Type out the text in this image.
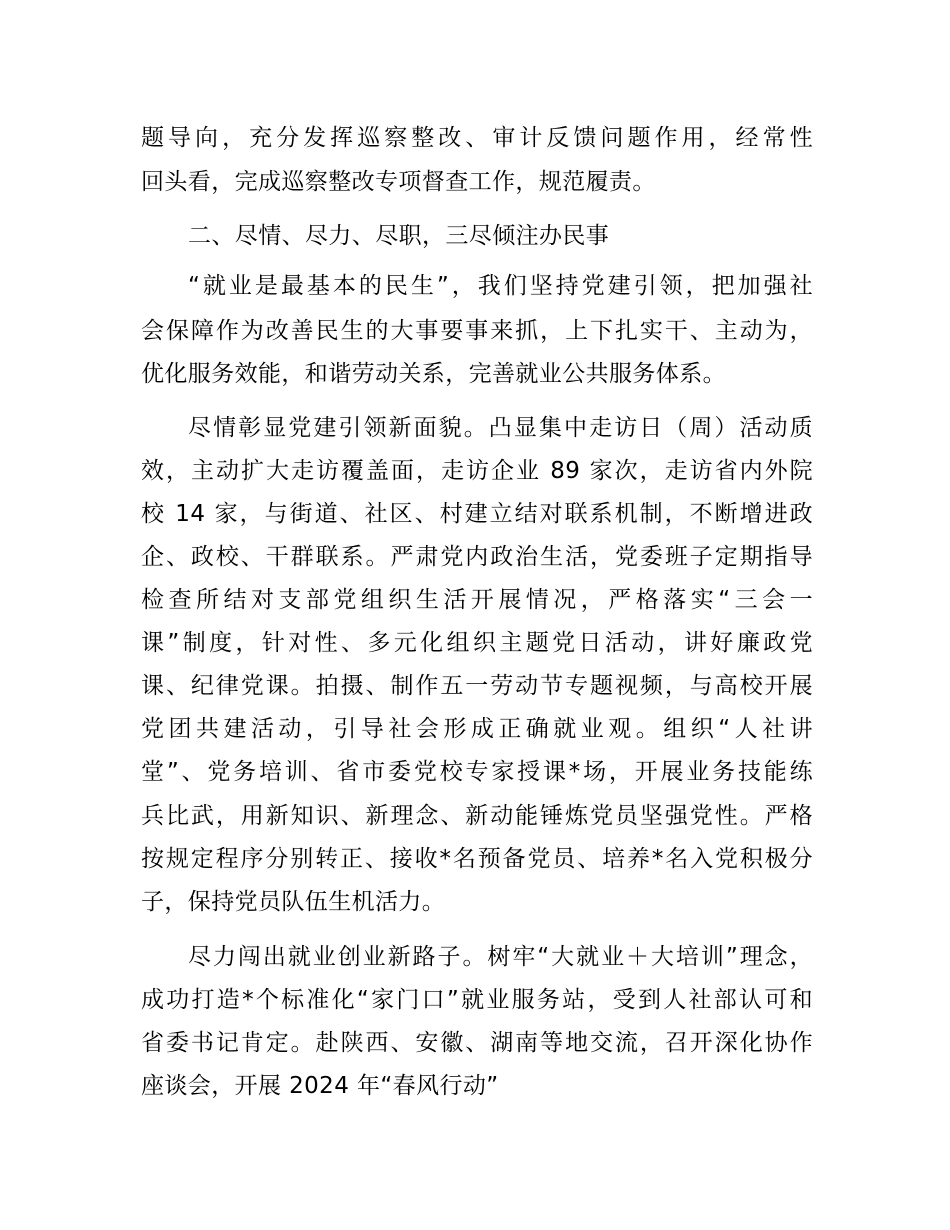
题导向，充分发挥巡察整改、审计反馈问题作用，经常性

回头看，完成巡察整改专项督查工作，规范履责。

二、尽情、尽力、尽职，三尽倾注办民事

“就业是最基本的民生”，我们坚持党建引领，把加强社

会保障作为改善民生的大事要事来抓，上下扎实干、主动为，

优化服务效能，和谐劳动关系，完善就业公共服务体系。

尽情彰显党建引领新面貌。凸显集中走访日（周）活动质

效，主动扩大走访覆盖面，走访企业 89 家次，走访省内外院

校 14 家，与街道、社区、村建立结对联系机制，不断增进政

企、政校、干群联系。严肃党内政治生活，党委班子定期指导

检查所结对支部党组织生活开展情况，严格落实“三会一

课”制度，针对性、多元化组织主题党日活动，讲好廉政党

课、纪律党课。拍摄、制作五一劳动节专题视频，与高校开展

党团共建活动，引导社会形成正确就业观。组织“人社讲

堂”、党务培训、省市委党校专家授课*场，开展业务技能练

兵比武，用新知识、新理念、新动能锤炼党员坚强党性。严格

按规定程序分别转正、接收*名预备党员、培养*名入党积极分

子，保持党员队伍生机活力。

尽力闯出就业创业新路子。树牢“大就业＋大培训”理念，

成功打造*个标准化“家门口”就业服务站，受到人社部认可和

省委书记肯定。赴陕西、安徽、湖南等地交流，召开深化协作

座谈会，开展 2024 年“春风行动”
